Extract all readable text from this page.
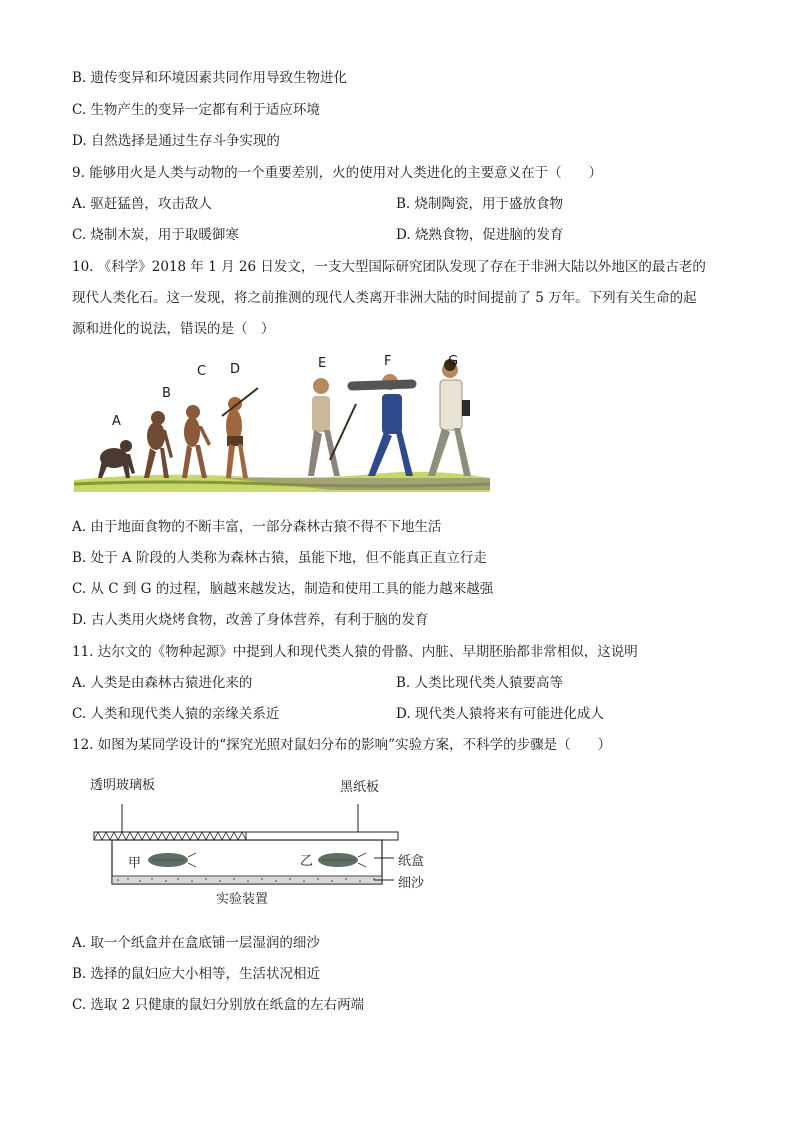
B. 遗传变异和环境因素共同作用导致生物进化
C. 生物产生的变异一定都有利于适应环境
D. 自然选择是通过生存斗争实现的
9. 能够用火是人类与动物的一个重要差别，火的使用对人类进化的主要意义在于（　　）
A. 驱赶猛兽，攻击敌人	B. 烧制陶瓷，用于盛放食物
C. 烧制木炭，用于取暖御寒	D. 烧熟食物，促进脑的发育
10. 《科学》2018 年 1 月 26 日发文，一支大型国际研究团队发现了存在于非洲大陆以外地区的最古老的
现代人类化石。这一发现，将之前推测的现代人类离开非洲大陆的时间提前了 5 万年。下列有关生命的起
源和进化的说法，错误的是（　）
A
B
C D	E	F	G
A. 由于地面食物的不断丰富，一部分森林古猿不得不下地生活
B. 处于 A 阶段的人类称为森林古猿，虽能下地，但不能真正直立行走
C. 从 C 到 G 的过程，脑越来越发达，制造和使用工具的能力越来越强
D. 古人类用火烧烤食物，改善了身体营养，有利于脑的发育
11. 达尔文的《物种起源》中提到人和现代类人猿的骨骼、内脏、早期胚胎都非常相似，这说明
A. 人类是由森林古猿进化来的	B. 人类比现代类人猿要高等
C. 人类和现代类人猿的亲缘关系近	D. 现代类人猿将来有可能进化成人
12. 如图为某同学设计的“探究光照对鼠妇分布的影响”实验方案，不科学的步骤是（　　）
透明玻璃板	黑纸板
甲	乙	纸盒
细沙
实验装置
A. 取一个纸盒并在盒底铺一层湿润的细沙
B. 选择的鼠妇应大小相等，生活状况相近
C. 选取 2 只健康的鼠妇分别放在纸盒的左右两端
